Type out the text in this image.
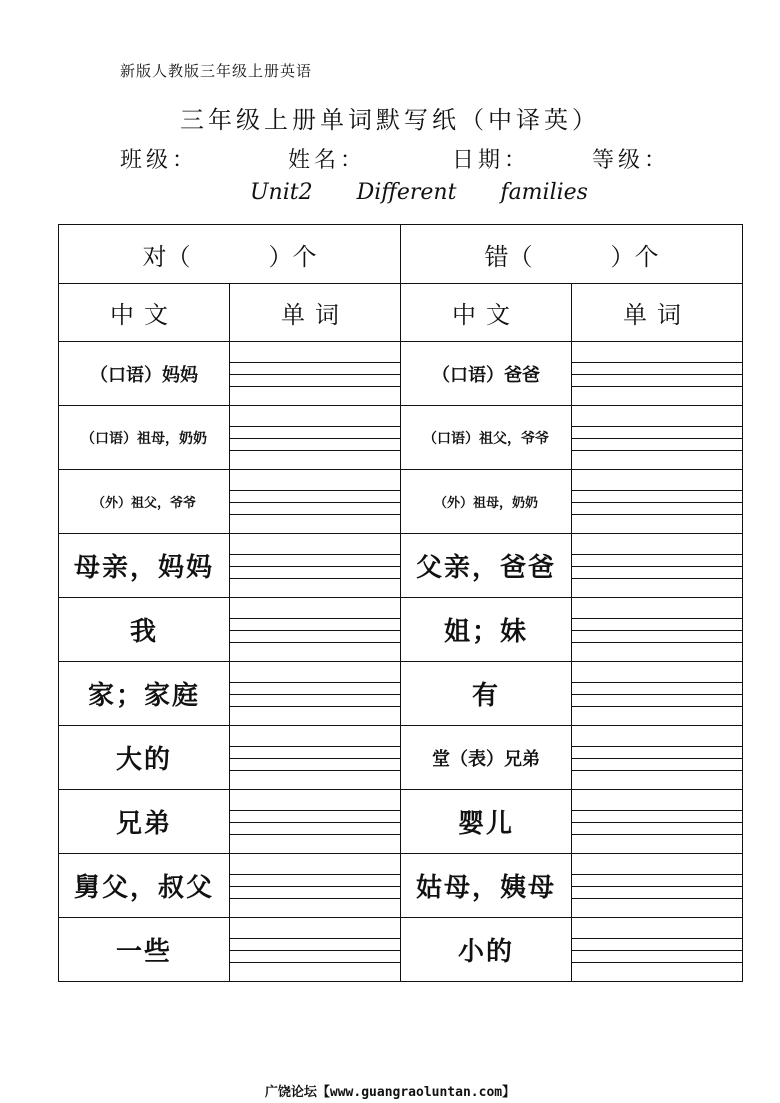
新版人教版三年级上册英语
三年级上册单词默写纸（中译英）
班级：	姓名：	日期：	等级：
Unit2 Different families
对（ ）个		错（ ）个	
中文	单词	中文	单词
（口语）妈妈		（口语）爸爸	

（口语）祖母，奶奶		（口语）祖父，爷爷	

（外）祖父，爷爷		（外）祖母，奶奶	

母亲，妈妈		父亲，爸爸	

我		姐；妹	

家；家庭		有	

大的		堂（表）兄弟	

兄弟		婴儿	

舅父，叔父		姑母，姨母	

一些		小的	
广饶论坛【www.guangraoluntan.com】
